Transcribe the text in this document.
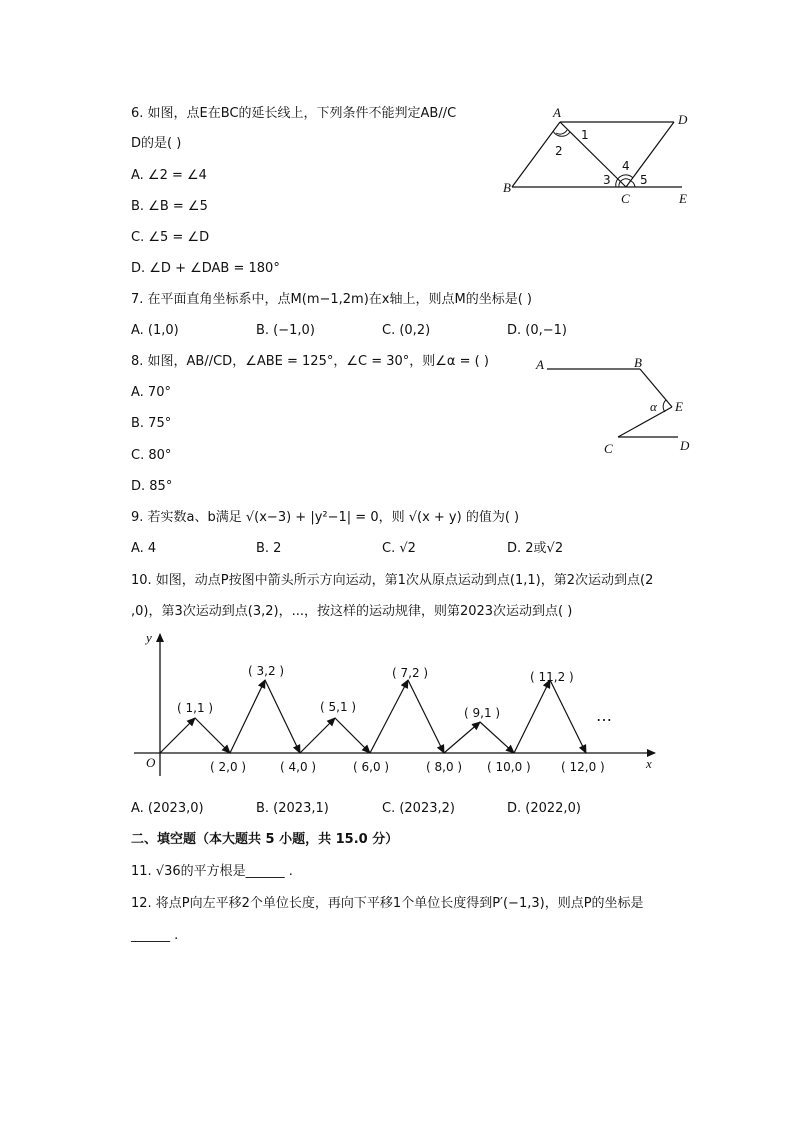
6. 如图，点E在BC的延长线上，下列条件不能判定AB//C
D的是( )
A. ∠2 = ∠4
B. ∠B = ∠5
C. ∠5 = ∠D
D. ∠D + ∠DAB = 180°
A	D
B
C	E
1
2
3
4
5
7. 在平面直角坐标系中，点M(m−1,2m)在x轴上，则点M的坐标是( )
A. (1,0)	B. (−1,0)	C. (0,2)	D. (0,−1)
8. 如图，AB//CD，∠ABE = 125°，∠C = 30°，则∠α = ( )
A. 70°
B. 75°
C. 80°
D. 85°
A	B
E
α
C	D
9. 若实数a、b满足 √(x−3) + |y²−1| = 0，则 √(x + y) 的值为( )
A. 4	B. 2	C. √2	D. 2或√2
10. 如图，动点P按图中箭头所示方向运动，第1次从原点运动到点(1,1)，第2次运动到点(2
,0)，第3次运动到点(3,2)，...，按这样的运动规律，则第2023次运动到点( )
y
x
O
( 1,1 )
( 3,2 )
( 5,1 )
( 7,2 )
( 9,1 )
( 11,2 )
( 2,0 )	( 4,0 )	( 6,0 )	( 8,0 ) ( 10,0 )	( 12,0 )
…
A. (2023,0)	B. (2023,1)	C. (2023,2)	D. (2022,0)
二、填空题（本大题共 5 小题，共 15.0 分）
11. √36的平方根是______ .
12. 将点P向左平移2个单位长度，再向下平移1个单位长度得到P′(−1,3)，则点P的坐标是
______ .
